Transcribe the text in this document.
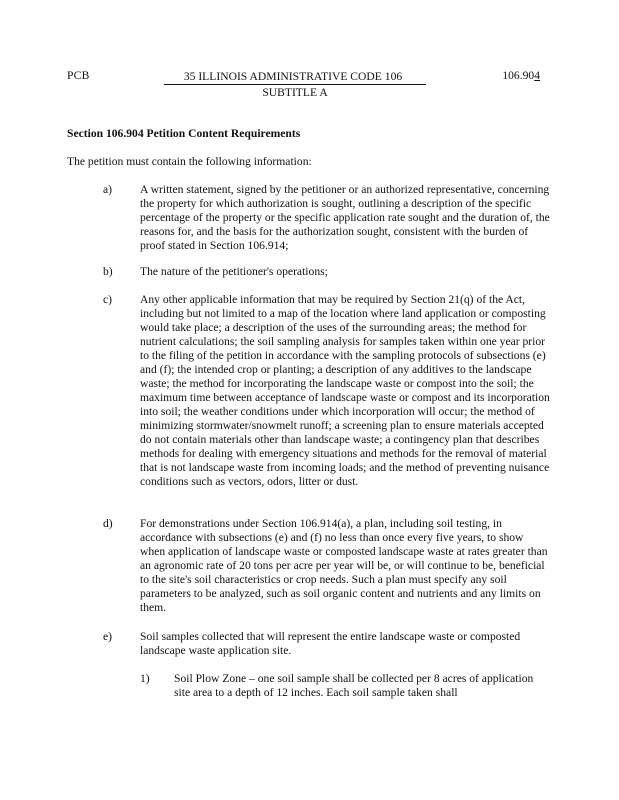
PCB	35 ILLINOIS ADMINISTRATIVE CODE 106
SUBTITLE A
106.904
Section 106.904 Petition Content Requirements
The petition must contain the following information:
a) A written statement, signed by the petitioner or an authorized representative, concerning the property for which authorization is sought, outlining a description of the specific percentage of the property or the specific application rate sought and the duration of, the reasons for, and the basis for the authorization sought, consistent with the burden of proof stated in Section 106.914;
b) The nature of the petitioner's operations;
c) Any other applicable information that may be required by Section 21(q) of the Act, including but not limited to a map of the location where land application or composting would take place; a description of the uses of the surrounding areas; the method for nutrient calculations; the soil sampling analysis for samples taken within one year prior to the filing of the petition in accordance with the sampling protocols of subsections (e) and (f); the intended crop or planting; a description of any additives to the landscape waste; the method for incorporating the landscape waste or compost into the soil; the maximum time between acceptance of landscape waste or compost and its incorporation into soil; the weather conditions under which incorporation will occur; the method of minimizing stormwater/snowmelt runoff; a screening plan to ensure materials accepted do not contain materials other than landscape waste; a contingency plan that describes methods for dealing with emergency situations and methods for the removal of material that is not landscape waste from incoming loads; and the method of preventing nuisance conditions such as vectors, odors, litter or dust.
d) For demonstrations under Section 106.914(a), a plan, including soil testing, in accordance with subsections (e) and (f) no less than once every five years, to show when application of landscape waste or composted landscape waste at rates greater than an agronomic rate of 20 tons per acre per year will be, or will continue to be, beneficial to the site's soil characteristics or crop needs. Such a plan must specify any soil parameters to be analyzed, such as soil organic content and nutrients and any limits on them.
e) Soil samples collected that will represent the entire landscape waste or composted landscape waste application site.
1) Soil Plow Zone – one soil sample shall be collected per 8 acres of application site area to a depth of 12 inches. Each soil sample taken shall
